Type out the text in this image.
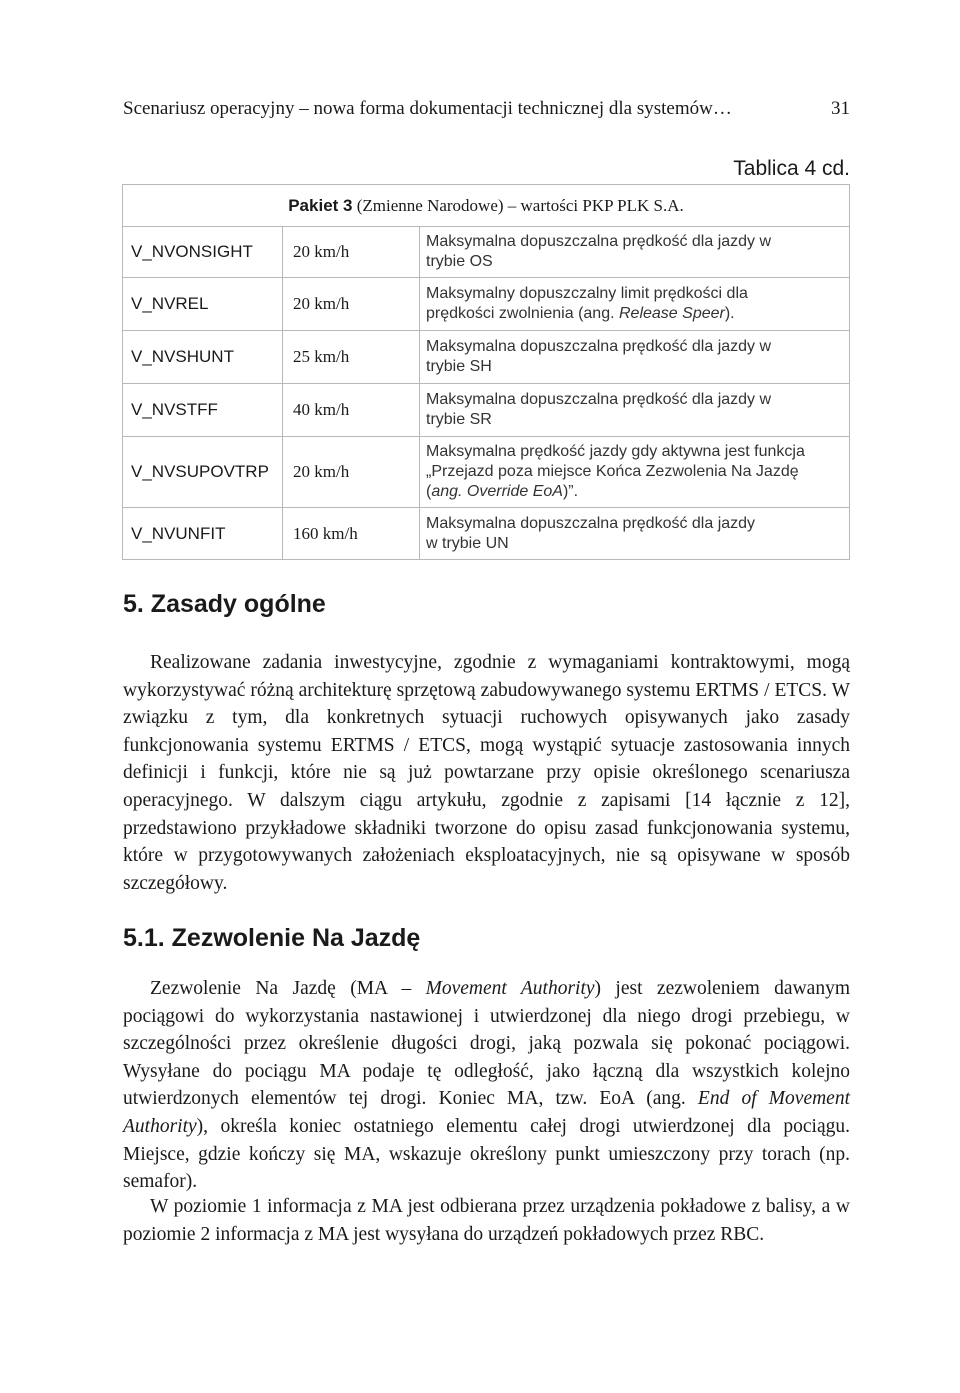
Scenariusz operacyjny – nowa forma dokumentacji technicznej dla systemów…	31
Tablica 4 cd.
Pakiet 3 (Zmienne Narodowe) – wartości PKP PLK S.A.		
V_NVONSIGHT	20 km/h	Maksymalna dopuszczalna prędkość dla jazdy w
trybie OS
V_NVREL	20 km/h	Maksymalny dopuszczalny limit prędkości dla
prędkości zwolnienia (ang. Release Speer).
V_NVSHUNT	25 km/h	Maksymalna dopuszczalna prędkość dla jazdy w
trybie SH
V_NVSTFF	40 km/h	Maksymalna dopuszczalna prędkość dla jazdy w
trybie SR
V_NVSUPOVTRP	20 km/h	Maksymalna prędkość jazdy gdy aktywna jest funkcja
„Przejazd poza miejsce Końca Zezwolenia Na Jazdę
(ang. Override EoA)”.
V_NVUNFIT	160 km/h	Maksymalna dopuszczalna prędkość dla jazdy
w trybie UN
5. Zasady ogólne

Realizowane zadania inwestycyjne, zgodnie z wymaganiami kontraktowymi, mogą wykorzystywać różną architekturę sprzętową zabudowywanego systemu ERTMS / ETCS. W związku z tym, dla konkretnych sytuacji ruchowych opisywanych jako zasady funkcjonowania systemu ERTMS / ETCS, mogą wystąpić sytuacje zastosowania innych definicji i funkcji, które nie są już powtarzane przy opisie określonego scenariusza operacyjnego. W dalszym ciągu artykułu, zgodnie z zapisami [14 łącznie z 12], przedstawiono przykładowe składniki tworzone do opisu zasad funkcjonowania systemu, które w przygotowywanych założeniach eksploatacyjnych, nie są opisywane w sposób szczegółowy.

5.1. Zezwolenie Na Jazdę

Zezwolenie Na Jazdę (MA – Movement Authority) jest zezwoleniem dawanym pociągowi do wykorzystania nastawionej i utwierdzonej dla niego drogi przebiegu, w szczególności przez określenie długości drogi, jaką pozwala się pokonać pociągowi. Wysyłane do pociągu MA podaje tę odległość, jako łączną dla wszystkich kolejno utwierdzonych elementów tej drogi. Koniec MA, tzw. EoA (ang. End of Movement Authority), określa koniec ostatniego elementu całej drogi utwierdzonej dla pociągu. Miejsce, gdzie kończy się MA, wskazuje określony punkt umieszczony przy torach (np. semafor).

W poziomie 1 informacja z MA jest odbierana przez urządzenia pokładowe z balisy, a w poziomie 2 informacja z MA jest wysyłana do urządzeń pokładowych przez RBC.
